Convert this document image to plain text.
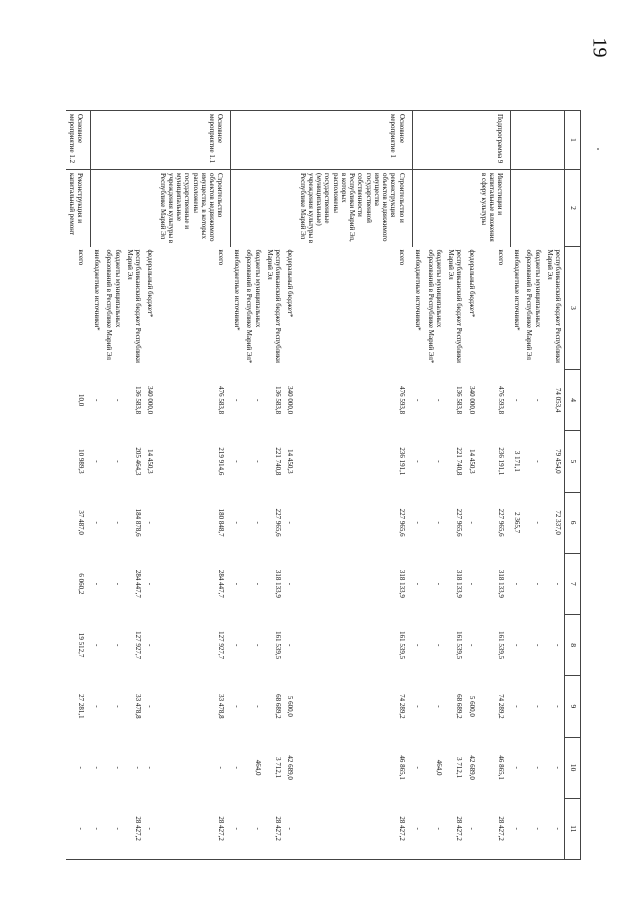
19
1	2	3	4	5	6	7	8	9	10	11
		республиканский бюджет Республики Марий Эл	74 053,4	79 454,0	72 337,0	-	-	-	-	-
		бюджеты муниципальных образований в Республике Марий Эл	-	-	-	-	-	-	-	-
		внебюджетные источники*	-	3 171,1	2 365,7	-	-	-	-	-
Подпрограмма 9	Инвестиции и капитальные вложения в сферу культуры	всего	476 593,8	236 191,1	227 965,6	318 133,9	161 539,5	74 289,2	46 865,1	28 427,2
		федеральный бюджет*	340 000,0	14 450,3	-	-	-	5 600,0	42 689,0	-
		республиканский бюджет Республики Марий Эл	136 583,8	221 740,8	227 965,6	318 133,9	161 539,5	68 689,2	3 712,1	28 427,2
		бюджеты муниципальных образований в Республике Марий Эл*	-	-	-	-	-	-	464,0	-
		внебюджетные источники*	-	-	-	-	-	-	-	-
Основное мероприятие 1	Строительство и реконструкция объектов недвижимого имущества государственной собственности Республики Марий Эл, в которых расположены государственные (муниципальные) учреждения культуры в Республике Марий Эл	всего	476 593,8	236 191,1	227 965,6	318 133,9	161 539,5	74 289,2	46 865,1	28 427,2
		федеральный бюджет*	340 000,0	14 450,3	-	-	-	5 600,0	42 689,0	-
		республиканский бюджет Республики Марий Эл	136 583,8	221 740,8	227 965,6	318 133,9	161 539,5	68 689,2	3 712,1	28 427,2
		бюджеты муниципальных образований в Республике Марий Эл*	-	-	-	-	-	-	464,0	-
		внебюджетные источники*	-	-	-	-	-	-	-	-
Основное мероприятие 1.1	Строительство объектов недвижимого имущества, в которых расположены государственные и муниципальные учреждения культуры в Республике Марий Эл	всего	476 583,8	219 914,6	180 848,7	284 447,7	127 927,7	33 478,8	-	28 427,2
		федеральный бюджет*	340 000,0	14 450,3	-	-	-	-	-	-
		республиканский бюджет Республики Марий Эл	136 583,8	205 464,3	184 878,6	284 447,7	127 927,7	33 478,8	-	28 427,2
		бюджеты муниципальных образований в Республике Марий Эл	-	-	-	-	-	-	-	-
		внебюджетные источники*	-	-	-	-	-	-	-	-
Основное мероприятие 1.2	Реконструкция и капитальный ремонт	всего	10,0	10 989,3	37 487,0	6 060,2	19 512,7	27 281,1	-	-
